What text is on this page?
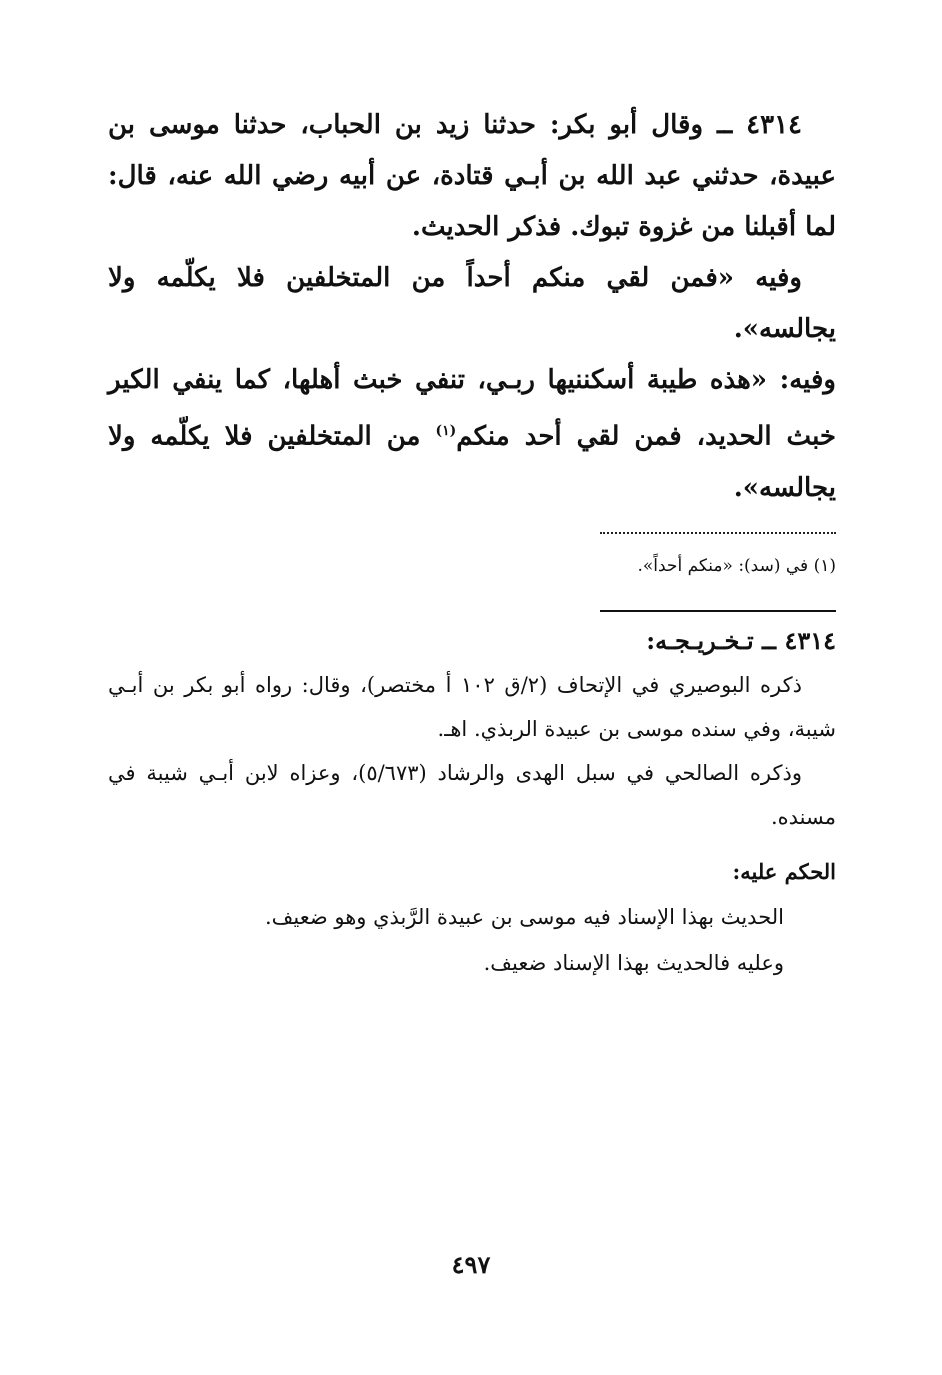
٤٣١٤ ــ وقال أبو بكر: حدثنا زيد بن الحباب، حدثنا موسى بن عبيدة، حدثني عبد الله بن أبـي قتادة، عن أبيه رضي الله عنه، قال: لما أقبلنا من غزوة تبوك. فذكر الحديث.

وفيه «فمن لقي منكم أحداً من المتخلفين فلا يكلّمه ولا يجالسه».

وفيه: «هذه طيبة أسكننيها ربـي، تنفي خبث أهلها، كما ينفي الكير خبث الحديد، فمن لقي أحد منكم$^{(١)}$ من المتخلفين فلا يكلّمه ولا يجالسه».

(١) في (سد): «منكم أحداً».
٤٣١٤ ــ تـخـريـجـه:

ذكره البوصيري في الإتحاف (٢/ق ١٠٢ أ مختصر)، وقال: رواه أبو بكر بن أبـي شيبة، وفي سنده موسى بن عبيدة الربذي. اهـ.

وذكره الصالحي في سبل الهدى والرشاد (٥/٦٧٣)، وعزاه لابن أبـي شيبة في مسنده.

الحكم عليه:

الحديث بهذا الإسناد فيه موسى بن عبيدة الرَّبذي وهو ضعيف.

وعليه فالحديث بهذا الإسناد ضعيف.

٤٩٧
